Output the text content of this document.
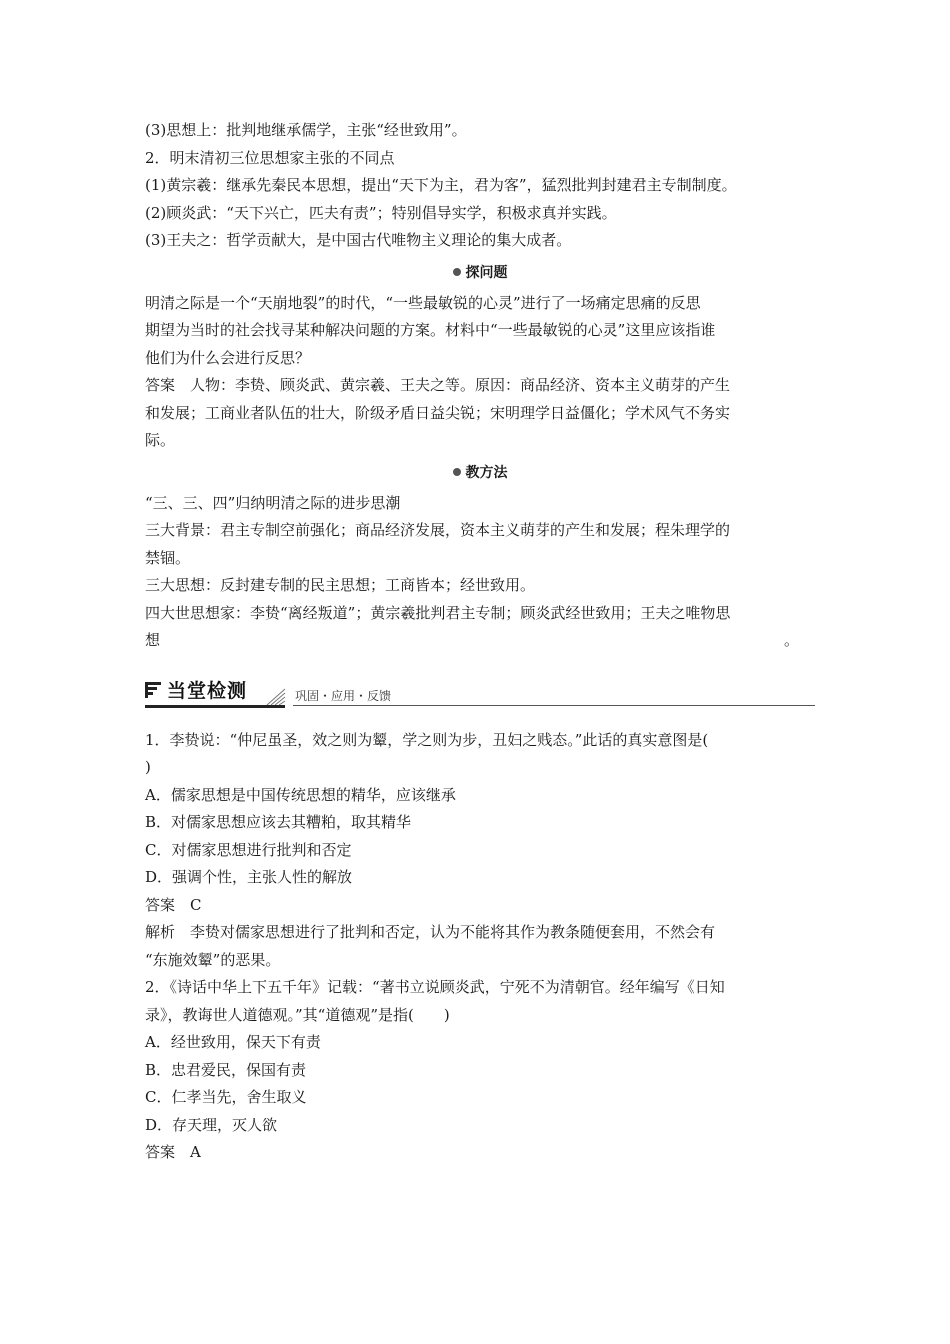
(3)思想上：批判地继承儒学，主张“经世致用”。
2．明末清初三位思想家主张的不同点
(1)黄宗羲：继承先秦民本思想，提出“天下为主，君为客”，猛烈批判封建君主专制制度。
(2)顾炎武：“天下兴亡，匹夫有责”；特别倡导实学，积极求真并实践。
(3)王夫之：哲学贡献大，是中国古代唯物主义理论的集大成者。
探问题
明清之际是一个“天崩地裂”的时代，“一些最敏锐的心灵”进行了一场痛定思痛的反思
期望为当时的社会找寻某种解决问题的方案。材料中“一些最敏锐的心灵”这里应该指谁
他们为什么会进行反思？
答案　人物：李贽、顾炎武、黄宗羲、王夫之等。原因：商品经济、资本主义萌芽的产生
和发展；工商业者队伍的壮大，阶级矛盾日益尖锐；宋明理学日益僵化；学术风气不务实
际。
教方法
“三、三、四”归纳明清之际的进步思潮
三大背景：君主专制空前强化；商品经济发展，资本主义萌芽的产生和发展；程朱理学的
禁锢。
三大思想：反封建专制的民主思想；工商皆本；经世致用。
四大世思想家：李贽“离经叛道”；黄宗羲批判君主专制；顾炎武经世致用；王夫之唯物思
想	。
当堂检测	巩固・应用・反馈
1．李贽说：“仲尼虽圣，效之则为颦，学之则为步，丑妇之贱态。”此话的真实意图是(
)
A．儒家思想是中国传统思想的精华，应该继承
B．对儒家思想应该去其糟粕，取其精华
C．对儒家思想进行批判和否定
D．强调个性，主张人性的解放
答案　C
解析　李贽对儒家思想进行了批判和否定，认为不能将其作为教条随便套用，不然会有
“东施效颦”的恶果。
2．《诗话中华上下五千年》记载：“著书立说顾炎武，宁死不为清朝官。经年编写《日知
录》，教诲世人道德观。”其“道德观”是指(　　)
A．经世致用，保天下有责
B．忠君爱民，保国有责
C．仁孝当先，舍生取义
D．存天理，灭人欲
答案　A
